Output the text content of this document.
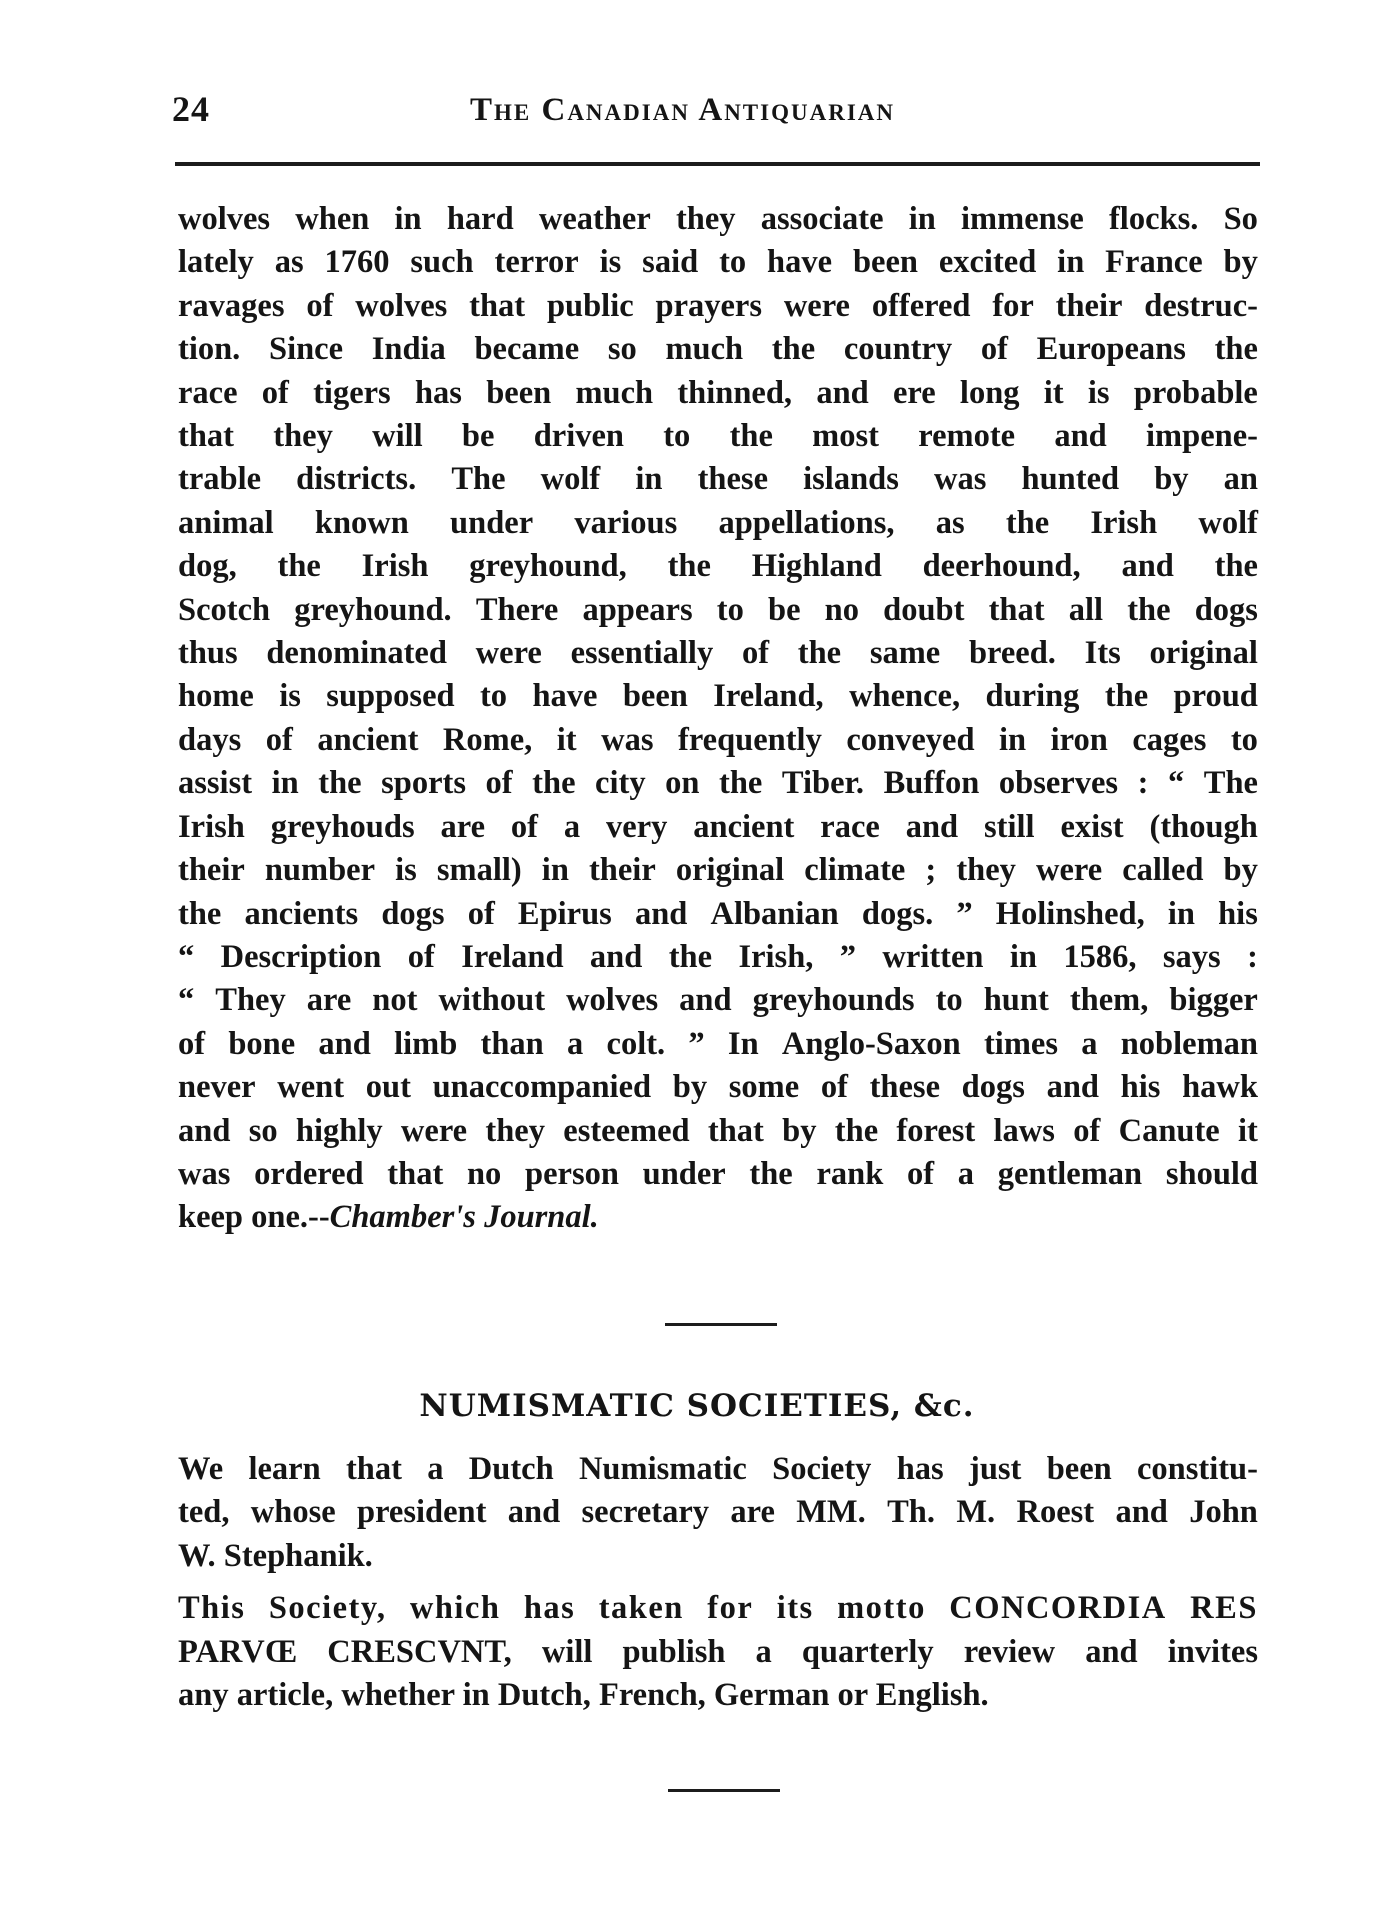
24	The Canadian Antiquarian
wolves when in hard weather they associate in immense flocks. So
lately as 1760 such terror is said to have been excited in France by
ravages of wolves that public prayers were offered for their destruc-
tion. Since India became so much the country of Europeans the
race of tigers has been much thinned, and ere long it is probable
that they will be driven to the most remote and impene-
trable districts. The wolf in these islands was hunted by an
animal known under various appellations, as the Irish wolf
dog, the Irish greyhound, the Highland deerhound, and the
Scotch greyhound. There appears to be no doubt that all the dogs
thus denominated were essentially of the same breed. Its original
home is supposed to have been Ireland, whence, during the proud
days of ancient Rome, it was frequently conveyed in iron cages to
assist in the sports of the city on the Tiber. Buffon observes : “ The
Irish greyhouds are of a very ancient race and still exist (though
their number is small) in their original climate ; they were called by
the ancients dogs of Epirus and Albanian dogs. ” Holinshed, in his
“ Description of Ireland and the Irish, ” written in 1586, says :
“ They are not without wolves and greyhounds to hunt them, bigger
of bone and limb than a colt. ” In Anglo-Saxon times a nobleman
never went out unaccompanied by some of these dogs and his hawk
and so highly were they esteemed that by the forest laws of Canute it
was ordered that no person under the rank of a gentleman should
keep one.--Chamber's Journal.
NUMISMATIC SOCIETIES, &c.
We learn that a Dutch Numismatic Society has just been constitu-
ted, whose president and secretary are MM. Th. M. Roest and John
W. Stephanik.
This Society, which has taken for its motto CONCORDIA RES
PARVŒ CRESCVNT, will publish a quarterly review and invites
any article, whether in Dutch, French, German or English.
